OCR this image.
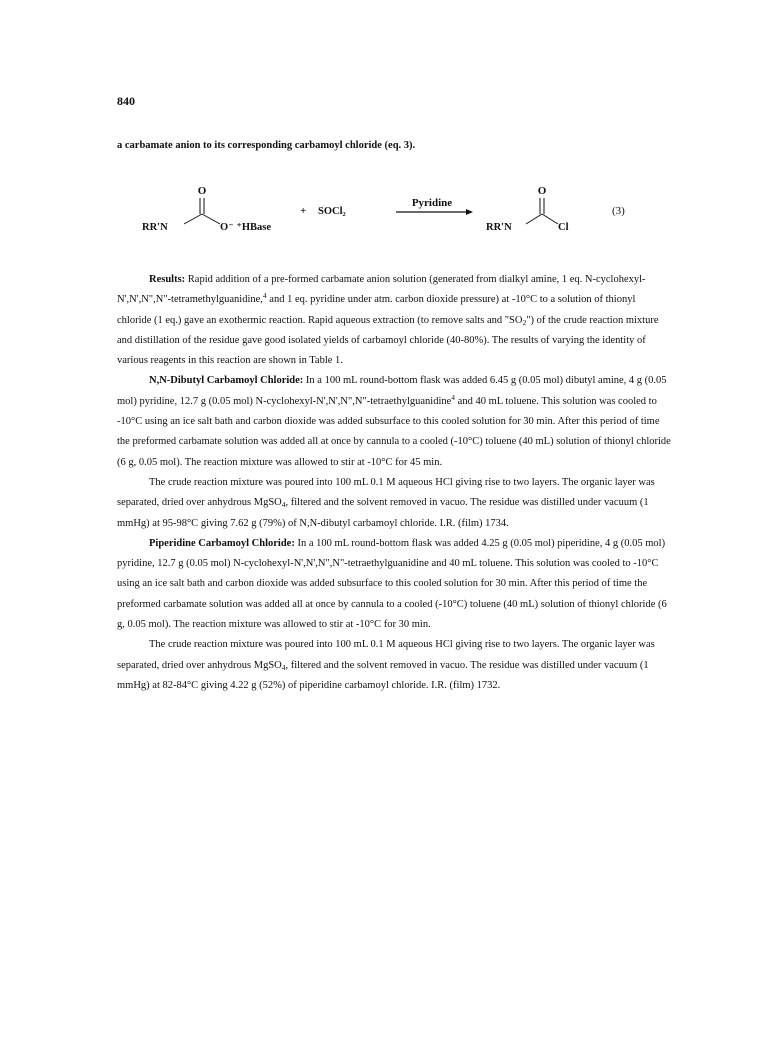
840
a carbamate anion to its corresponding carbamoyl chloride (eq. 3).
O
RR'N	O⁻ ⁺HBase
+ SOCl₂
Pyridine
O
RR'N	Cl
(3)

Results: Rapid addition of a pre-formed carbamate anion solution (generated from dialkyl amine, 1 eq. N-cyclohexyl-N',N',N",N"-tetramethylguanidine,$^4$ and 1 eq. pyridine under atm. carbon dioxide pressure) at -10°C to a solution of thionyl chloride (1 eq.) gave an exothermic reaction. Rapid aqueous extraction (to remove salts and "$SO_2$") of the crude reaction mixture and distillation of the residue gave good isolated yields of carbamoyl chloride (40-80%). The results of varying the identity of various reagents in this reaction are shown in Table 1.

N,N-Dibutyl Carbamoyl Chloride: In a 100 mL round-bottom flask was added 6.45 g (0.05 mol) dibutyl amine, 4 g (0.05 mol) pyridine, 12.7 g (0.05 mol) N-cyclohexyl-N',N',N",N"-tetraethylguanidine$^4$ and 40 mL toluene. This solution was cooled to -10°C using an ice salt bath and carbon dioxide was added subsurface to this cooled solution for 30 min. After this period of time the preformed carbamate solution was added all at once by cannula to a cooled (-10°C) toluene (40 mL) solution of thionyl chloride (6 g, 0.05 mol). The reaction mixture was allowed to stir at -10°C for 45 min.

The crude reaction mixture was poured into 100 mL 0.1 M aqueous HCl giving rise to two layers. The organic layer was separated, dried over anhydrous MgSO$_4$, filtered and the solvent removed in vacuo. The residue was distilled under vacuum (1 mmHg) at 95-98°C giving 7.62 g (79%) of N,N-dibutyl carbamoyl chloride. I.R. (film) 1734.

Piperidine Carbamoyl Chloride: In a 100 mL round-bottom flask was added 4.25 g (0.05 mol) piperidine, 4 g (0.05 mol) pyridine, 12.7 g (0.05 mol) N-cyclohexyl-N',N',N",N"-tetraethylguanidine and 40 mL toluene. This solution was cooled to -10°C using an ice salt bath and carbon dioxide was added subsurface to this cooled solution for 30 min. After this period of time the preformed carbamate solution was added all at once by cannula to a cooled (-10°C) toluene (40 mL) solution of thionyl chloride (6 g, 0.05 mol). The reaction mixture was allowed to stir at -10°C for 30 min.

The crude reaction mixture was poured into 100 mL 0.1 M aqueous HCl giving rise to two layers. The organic layer was separated, dried over anhydrous MgSO$_4$, filtered and the solvent removed in vacuo. The residue was distilled under vacuum (1 mmHg) at 82-84°C giving 4.22 g (52%) of piperidine carbamoyl chloride. I.R. (film) 1732.
